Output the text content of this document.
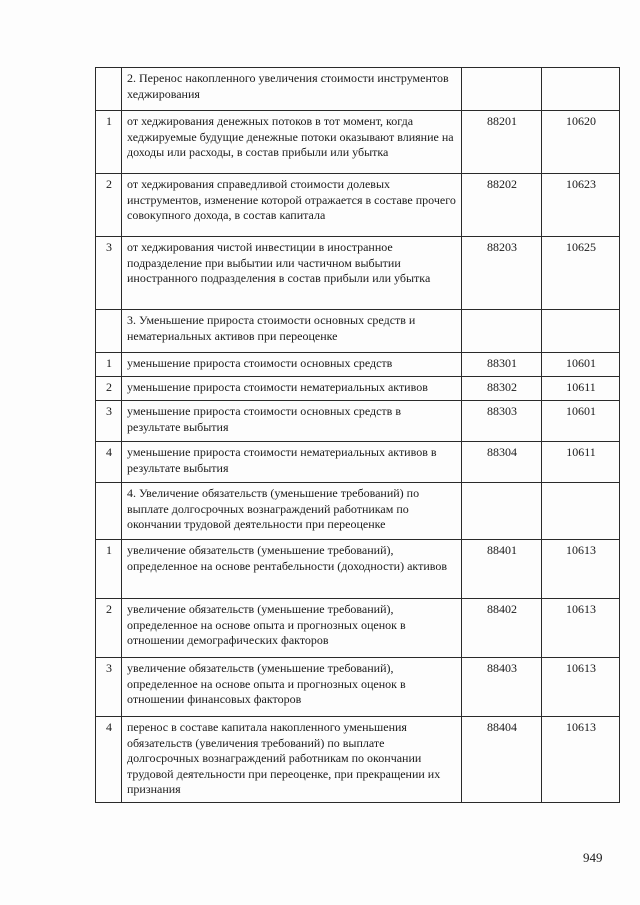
	2. Перенос накопленного увеличения стоимости инструментов хеджирования		
1	от хеджирования денежных потоков в тот момент, когда хеджируемые будущие денежные потоки оказывают влияние на доходы или расходы, в состав прибыли или убытка	88201	10620
2	от хеджирования справедливой стоимости долевых инструментов, изменение которой отражается в составе прочего совокупного дохода, в состав капитала	88202	10623
3	от хеджирования чистой инвестиции в иностранное подразделение при выбытии или частичном выбытии иностранного подразделения в состав прибыли или убытка	88203	10625
	3. Уменьшение прироста стоимости основных средств и нематериальных активов при переоценке		
1	уменьшение прироста стоимости основных средств	88301	10601
2	уменьшение прироста стоимости нематериальных активов	88302	10611
3	уменьшение прироста стоимости основных средств в результате выбытия	88303	10601
4	уменьшение прироста стоимости нематериальных активов в результате выбытия	88304	10611
	4. Увеличение обязательств (уменьшение требований) по выплате долгосрочных вознаграждений работникам по окончании трудовой деятельности при переоценке		
1	увеличение обязательств (уменьшение требований), определенное на основе рентабельности (доходности) активов	88401	10613
2	увеличение обязательств (уменьшение требований), определенное на основе опыта и прогнозных оценок в отношении демографических факторов	88402	10613
3	увеличение обязательств (уменьшение требований), определенное на основе опыта и прогнозных оценок в отношении финансовых факторов	88403	10613
4	перенос в составе капитала накопленного уменьшения обязательств (увеличения требований) по выплате долгосрочных вознаграждений работникам по окончании трудовой деятельности при переоценке, при прекращении их признания	88404	10613
949
